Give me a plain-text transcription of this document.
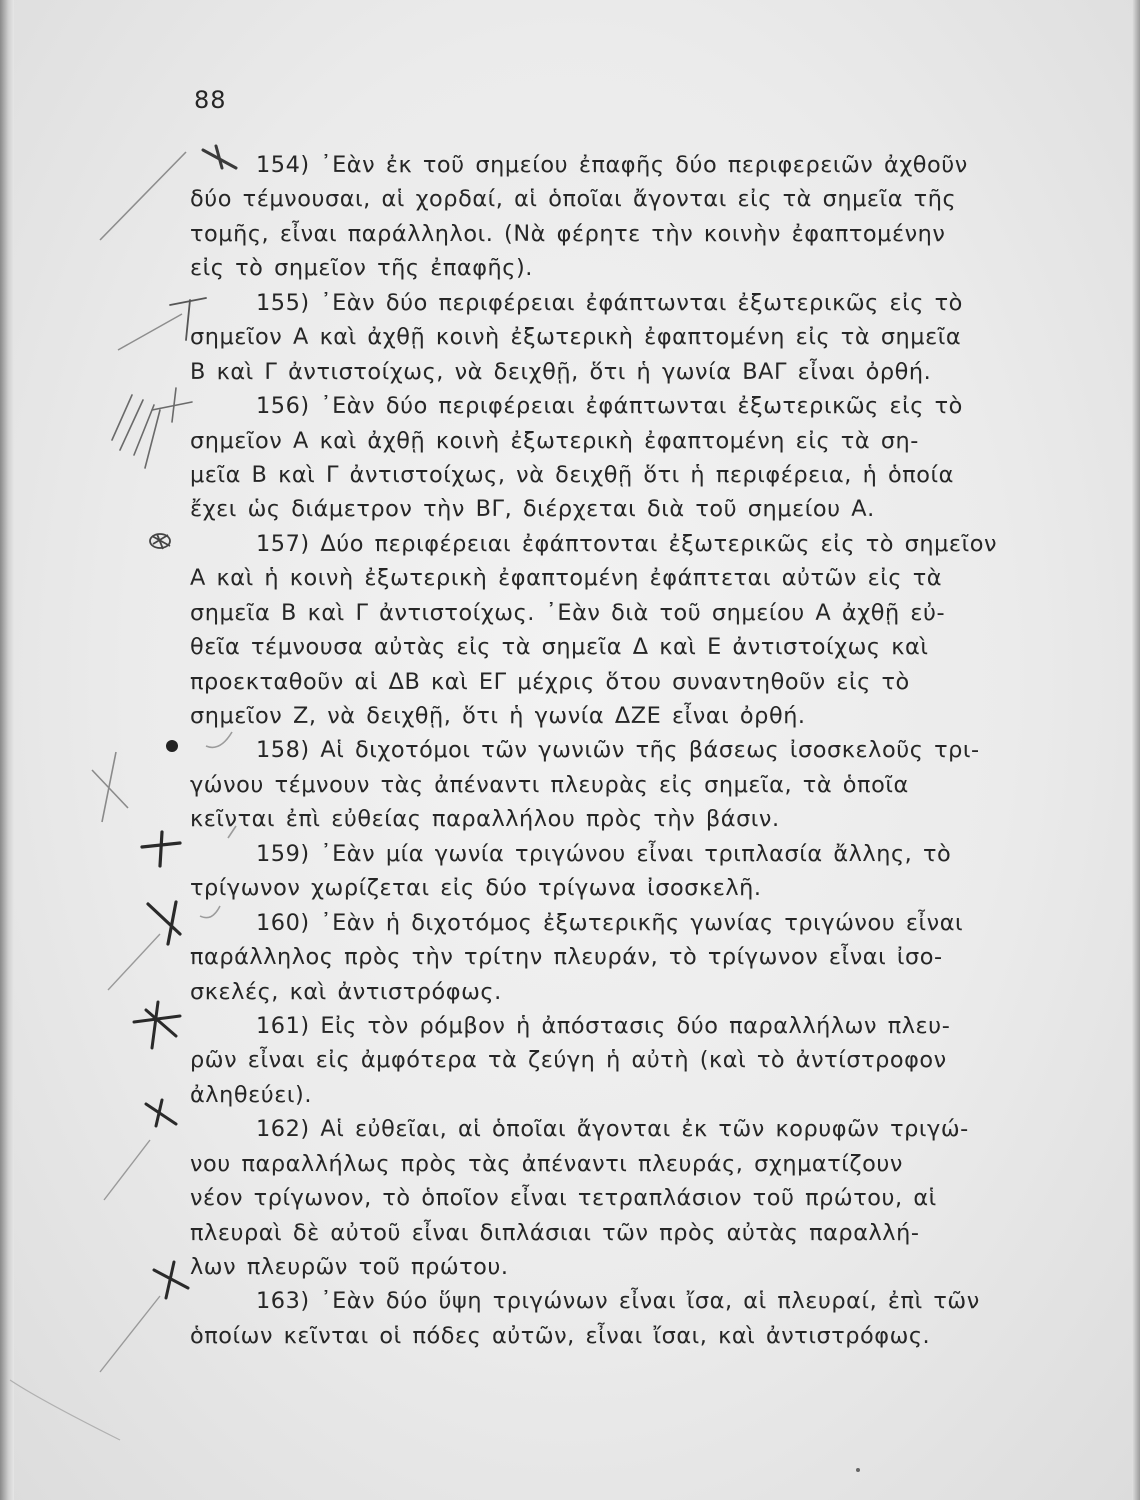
88
154) ᾽Εὰν ἐκ τοῦ σημείου ἐπαφῆς δύο περιφερειῶν ἀχθοῦν
δύο τέμνουσαι, αἱ χορδαί, αἱ ὁποῖαι ἄγονται εἰς τὰ σημεῖα τῆς
τομῆς, εἶναι παράλληλοι. (Νὰ φέρητε τὴν κοινὴν ἐφαπτομένην
εἰς τὸ σημεῖον τῆς ἐπαφῆς).
155) ᾽Εὰν δύο περιφέρειαι ἐφάπτωνται ἐξωτερικῶς εἰς τὸ
σημεῖον Α καὶ ἀχθῇ κοινὴ ἐξωτερικὴ ἐφαπτομένη εἰς τὰ σημεῖα
Β καὶ Γ ἀντιστοίχως, νὰ δειχθῇ, ὅτι ἡ γωνία ΒΑΓ εἶναι ὀρθή.
156) ᾽Εὰν δύο περιφέρειαι ἐφάπτωνται ἐξωτερικῶς εἰς τὸ
σημεῖον Α καὶ ἀχθῇ κοινὴ ἐξωτερικὴ ἐφαπτομένη εἰς τὰ ση-
μεῖα Β καὶ Γ ἀντιστοίχως, νὰ δειχθῇ ὅτι ἡ περιφέρεια, ἡ ὁποία
ἔχει ὡς διάμετρον τὴν ΒΓ, διέρχεται διὰ τοῦ σημείου Α.
157) Δύο περιφέρειαι ἐφάπτονται ἐξωτερικῶς εἰς τὸ σημεῖον
Α καὶ ἡ κοινὴ ἐξωτερικὴ ἐφαπτομένη ἐφάπτεται αὐτῶν εἰς τὰ
σημεῖα Β καὶ Γ ἀντιστοίχως. ᾽Εὰν διὰ τοῦ σημείου Α ἀχθῇ εὐ-
θεῖα τέμνουσα αὐτὰς εἰς τὰ σημεῖα Δ καὶ Ε ἀντιστοίχως καὶ
προεκταθοῦν αἱ ΔΒ καὶ ΕΓ μέχρις ὅτου συναντηθοῦν εἰς τὸ
σημεῖον Ζ, νὰ δειχθῇ, ὅτι ἡ γωνία ΔΖΕ εἶναι ὀρθή.
158) Αἱ διχοτόμοι τῶν γωνιῶν τῆς βάσεως ἰσοσκελοῦς τρι-
γώνου τέμνουν τὰς ἀπέναντι πλευρὰς εἰς σημεῖα, τὰ ὁποῖα
κεῖνται ἐπὶ εὐθείας παραλλήλου πρὸς τὴν βάσιν.
159) ᾽Εὰν μία γωνία τριγώνου εἶναι τριπλασία ἄλλης, τὸ
τρίγωνον χωρίζεται εἰς δύο τρίγωνα ἰσοσκελῆ.
160) ᾽Εὰν ἡ διχοτόμος ἐξωτερικῆς γωνίας τριγώνου εἶναι
παράλληλος πρὸς τὴν τρίτην πλευράν, τὸ τρίγωνον εἶναι ἰσο-
σκελές, καὶ ἀντιστρόφως.
161) Εἰς τὸν ρόμβον ἡ ἀπόστασις δύο παραλλήλων πλευ-
ρῶν εἶναι εἰς ἀμφότερα τὰ ζεύγη ἡ αὐτὴ (καὶ τὸ ἀντίστροφον
ἀληθεύει).
162) Αἱ εὐθεῖαι, αἱ ὁποῖαι ἄγονται ἐκ τῶν κορυφῶν τριγώ-
νου παραλλήλως πρὸς τὰς ἀπέναντι πλευράς, σχηματίζουν
νέον τρίγωνον, τὸ ὁποῖον εἶναι τετραπλάσιον τοῦ πρώτου, αἱ
πλευραὶ δὲ αὐτοῦ εἶναι διπλάσιαι τῶν πρὸς αὐτὰς παραλλή-
λων πλευρῶν τοῦ πρώτου.
163) ᾽Εὰν δύο ὕψη τριγώνων εἶναι ἴσα, αἱ πλευραί, ἐπὶ τῶν
ὁποίων κεῖνται οἱ πόδες αὐτῶν, εἶναι ἴσαι, καὶ ἀντιστρόφως.
